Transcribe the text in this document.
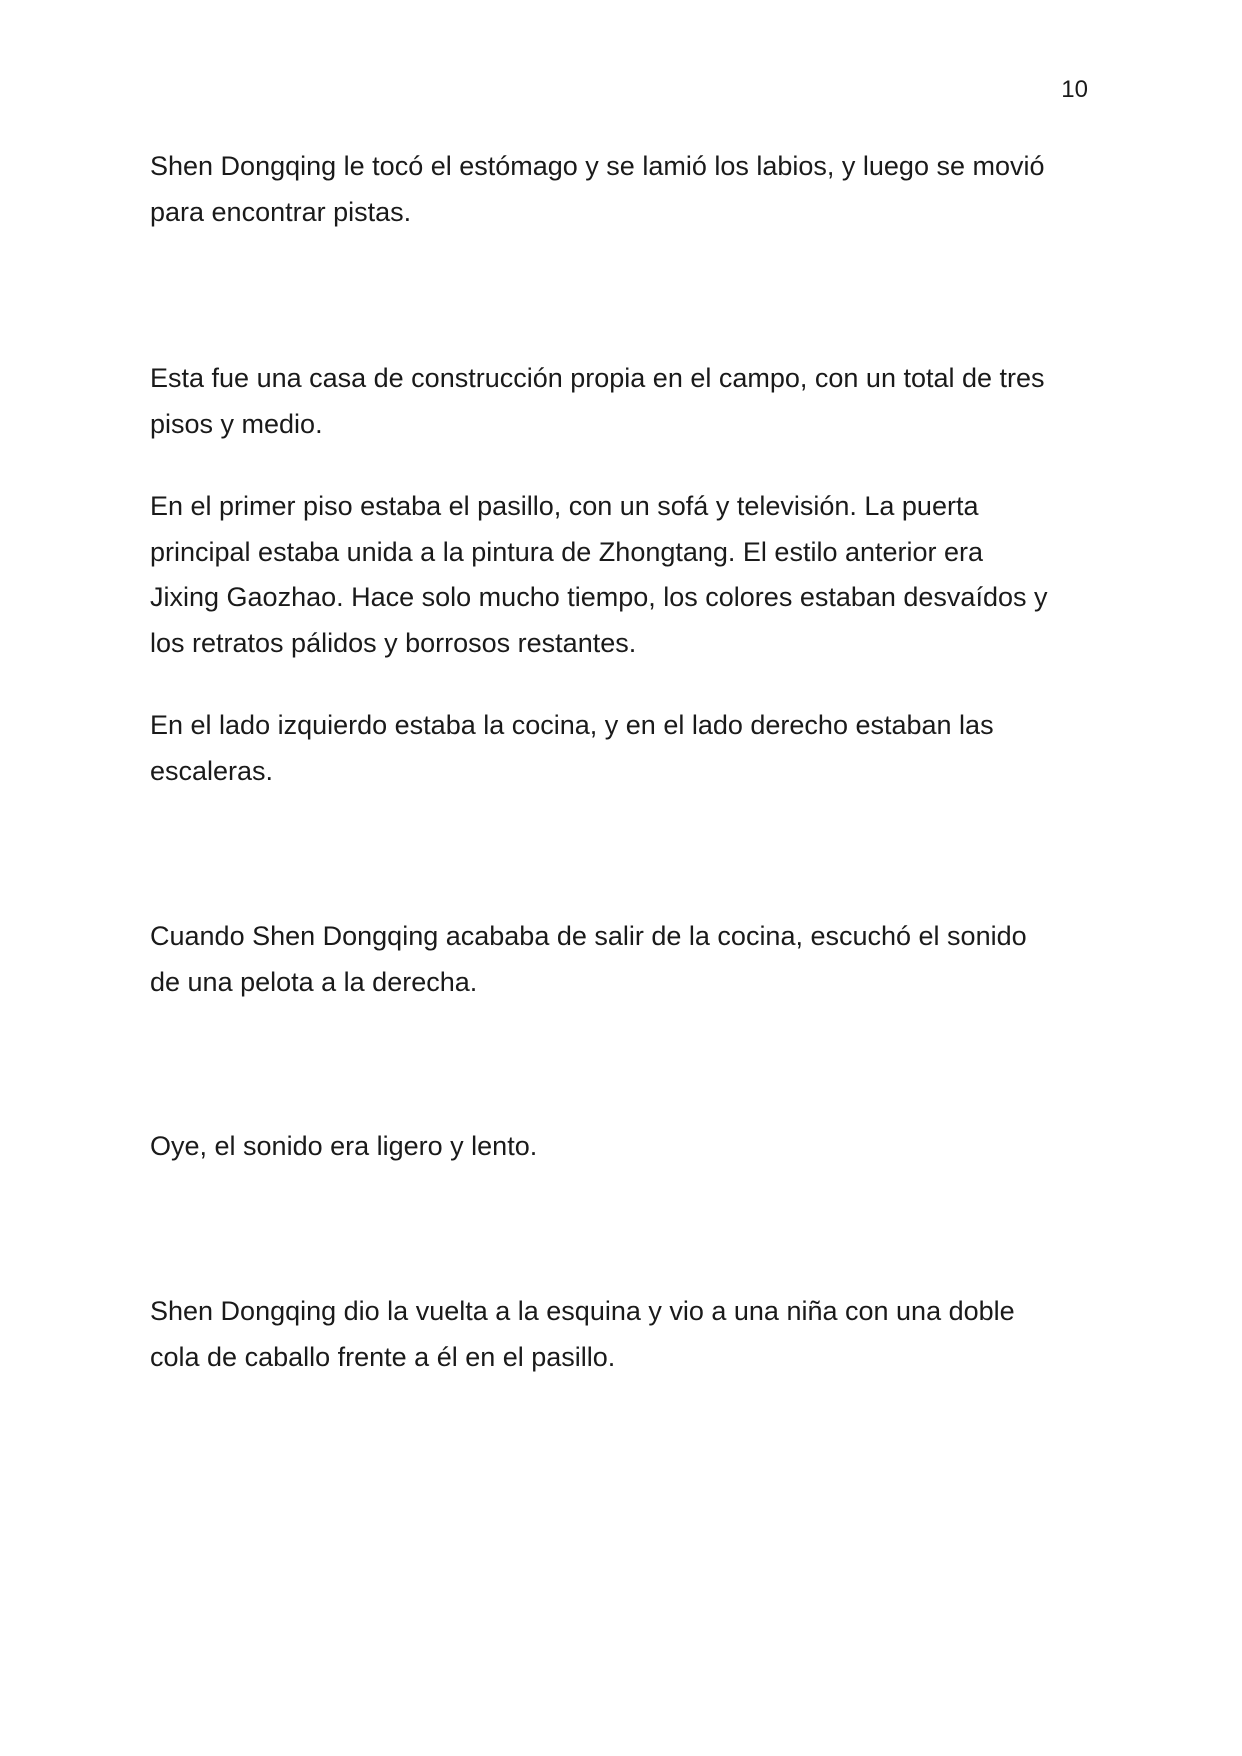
10

Shen Dongqing le tocó el estómago y se lamió los labios, y luego se movió
para encontrar pistas.

Esta fue una casa de construcción propia en el campo, con un total de tres
pisos y medio.

En el primer piso estaba el pasillo, con un sofá y televisión. La puerta
principal estaba unida a la pintura de Zhongtang. El estilo anterior era
Jixing Gaozhao. Hace solo mucho tiempo, los colores estaban desvaídos y
los retratos pálidos y borrosos restantes.

En el lado izquierdo estaba la cocina, y en el lado derecho estaban las
escaleras.

Cuando Shen Dongqing acababa de salir de la cocina, escuchó el sonido
de una pelota a la derecha.

Oye, el sonido era ligero y lento.

Shen Dongqing dio la vuelta a la esquina y vio a una niña con una doble
cola de caballo frente a él en el pasillo.
